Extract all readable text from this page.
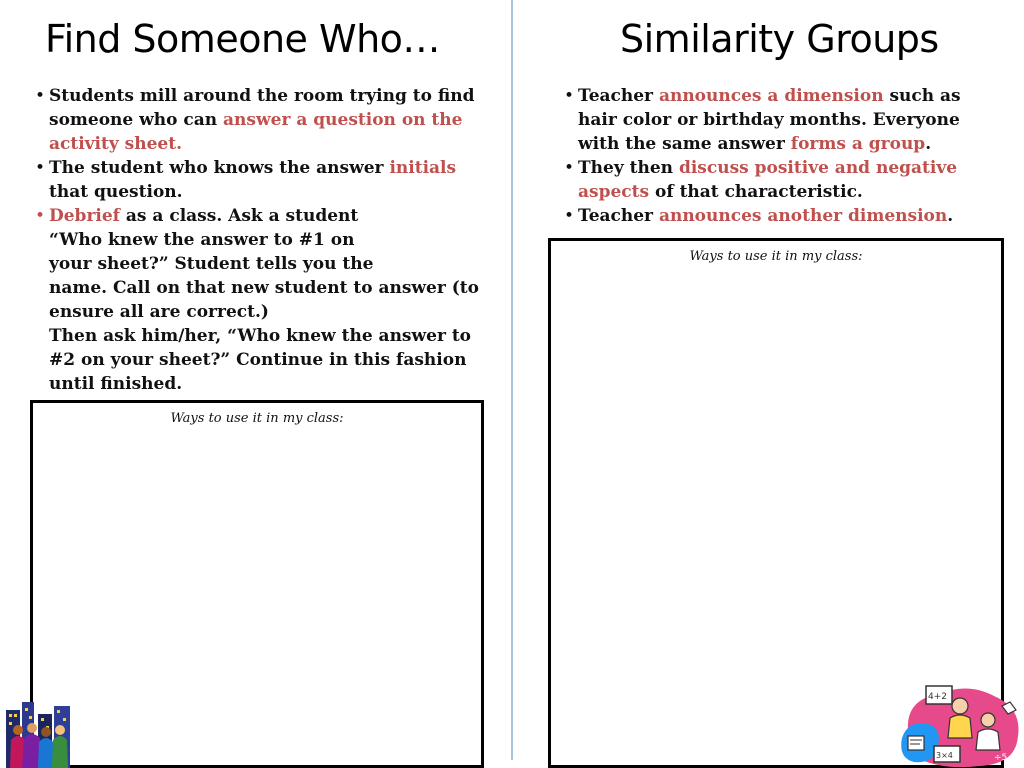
Find Someone Who…	Similarity Groups
• Students mill around the room trying to find someone who can answer a question on the activity sheet.
• The student who knows the answer initials that question.
• Debrief as a class. Ask a student
“Who knew the answer to #1 on
your sheet?” Student tells you the
name. Call on that new student to answer (to ensure all are correct.)
Then ask him/her, “Who knew the answer to #2 on your sheet?” Continue in this fashion until finished.
• Teacher announces a dimension such as hair color or birthday months. Everyone with the same answer forms a group.
• They then discuss positive and negative aspects of that characteristic.
• Teacher announces another dimension.
Ways to use it in my class:
Ways to use it in my class:
4+2
3×4	÷5
